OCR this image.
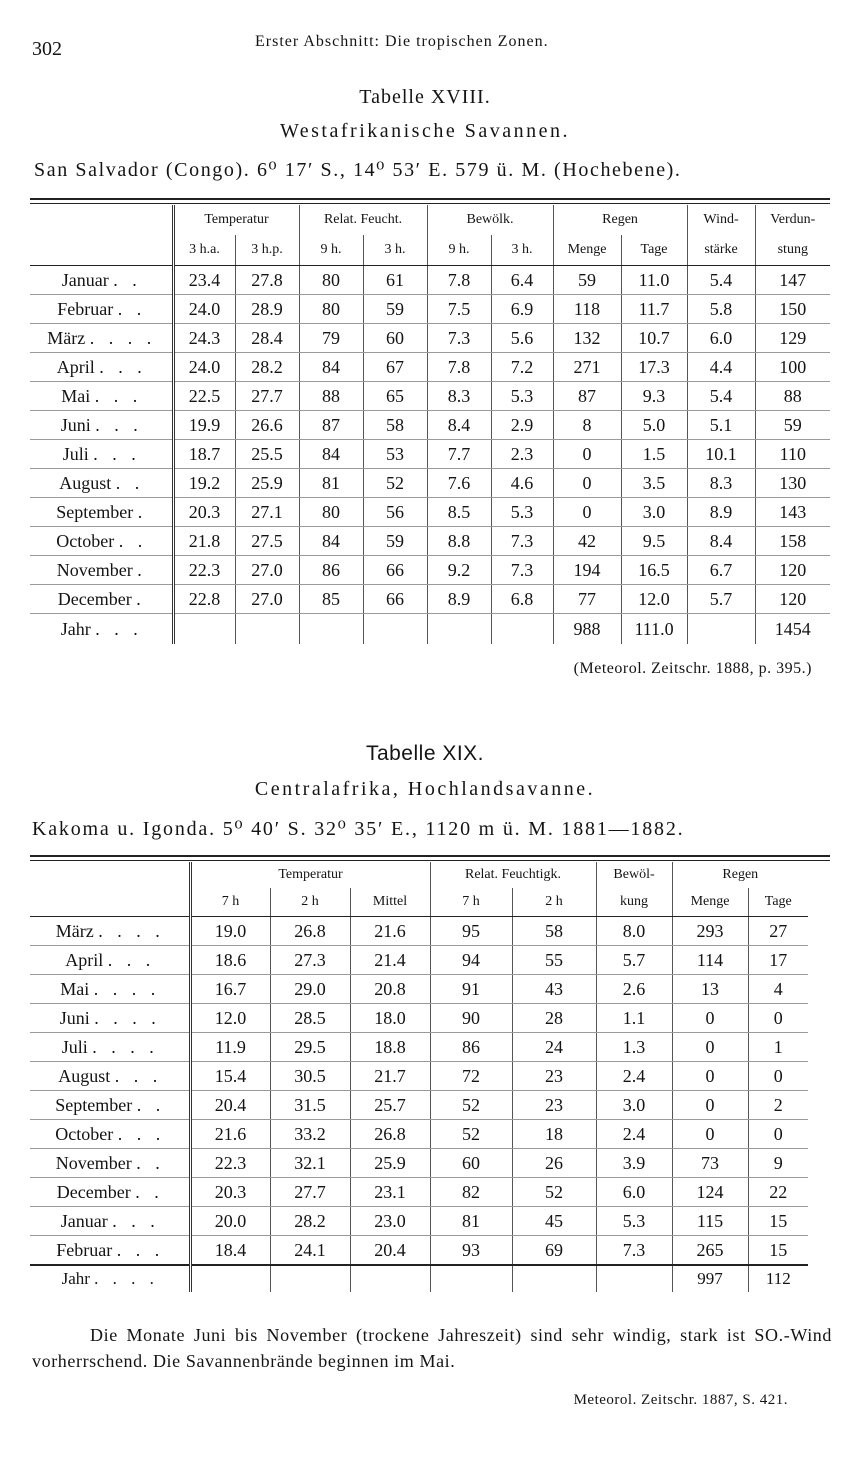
302	Erster Abschnitt: Die tropischen Zonen.
Tabelle XVIII.
Westafrikanische Savannen.
San Salvador (Congo). 6⁰ 17′ S., 14⁰ 53′ E. 579 ü. M. (Hochebene).
	Temperatur		Relat. Feucht.		Bewölk.		Regen		Wind-	Verdun-
	3 h.a.	3 h.p.	9 h.	3 h.	9 h.	3 h.	Menge	Tage	stärke	stung
Januar . .	23.4	27.8	80	61	7.8	6.4	59	11.0	5.4	147
Februar . .	24.0	28.9	80	59	7.5	6.9	118	11.7	5.8	150
März . . . .	24.3	28.4	79	60	7.3	5.6	132	10.7	6.0	129
April . . .	24.0	28.2	84	67	7.8	7.2	271	17.3	4.4	100
Mai . . .	22.5	27.7	88	65	8.3	5.3	87	9.3	5.4	88
Juni . . .	19.9	26.6	87	58	8.4	2.9	8	5.0	5.1	59
Juli . . .	18.7	25.5	84	53	7.7	2.3	0	1.5	10.1	110
August . .	19.2	25.9	81	52	7.6	4.6	0	3.5	8.3	130
September .	20.3	27.1	80	56	8.5	5.3	0	3.0	8.9	143
October . .	21.8	27.5	84	59	8.8	7.3	42	9.5	8.4	158
November .	22.3	27.0	86	66	9.2	7.3	194	16.5	6.7	120
December .	22.8	27.0	85	66	8.9	6.8	77	12.0	5.7	120
Jahr . . .							988	111.0		1454
(Meteorol. Zeitschr. 1888, p. 395.)
Tabelle XIX.
Centralafrika, Hochlandsavanne.
Kakoma u. Igonda. 5⁰ 40′ S. 32⁰ 35′ E., 1120 m ü. M. 1881—1882.
	Temperatur			Relat. Feuchtigk.		Bewöl-	Regen	
	7 h	2 h	Mittel	7 h	2 h	kung	Menge	Tage
März . . . .	19.0	26.8	21.6	95	58	8.0	293	27
April . . .	18.6	27.3	21.4	94	55	5.7	114	17
Mai . . . .	16.7	29.0	20.8	91	43	2.6	13	4
Juni . . . .	12.0	28.5	18.0	90	28	1.1	0	0
Juli . . . .	11.9	29.5	18.8	86	24	1.3	0	1
August . . .	15.4	30.5	21.7	72	23	2.4	0	0
September . .	20.4	31.5	25.7	52	23	3.0	0	2
October . . .	21.6	33.2	26.8	52	18	2.4	0	0
November . .	22.3	32.1	25.9	60	26	3.9	73	9
December . .	20.3	27.7	23.1	82	52	6.0	124	22
Januar . . .	20.0	28.2	23.0	81	45	5.3	115	15
Februar . . .	18.4	24.1	20.4	93	69	7.3	265	15
Jahr . . . .							997	112
Die Monate Juni bis November (trockene Jahreszeit) sind sehr windig, stark ist SO.-Wind vorherrschend. Die Savannenbrände beginnen im Mai.
Meteorol. Zeitschr. 1887, S. 421.
